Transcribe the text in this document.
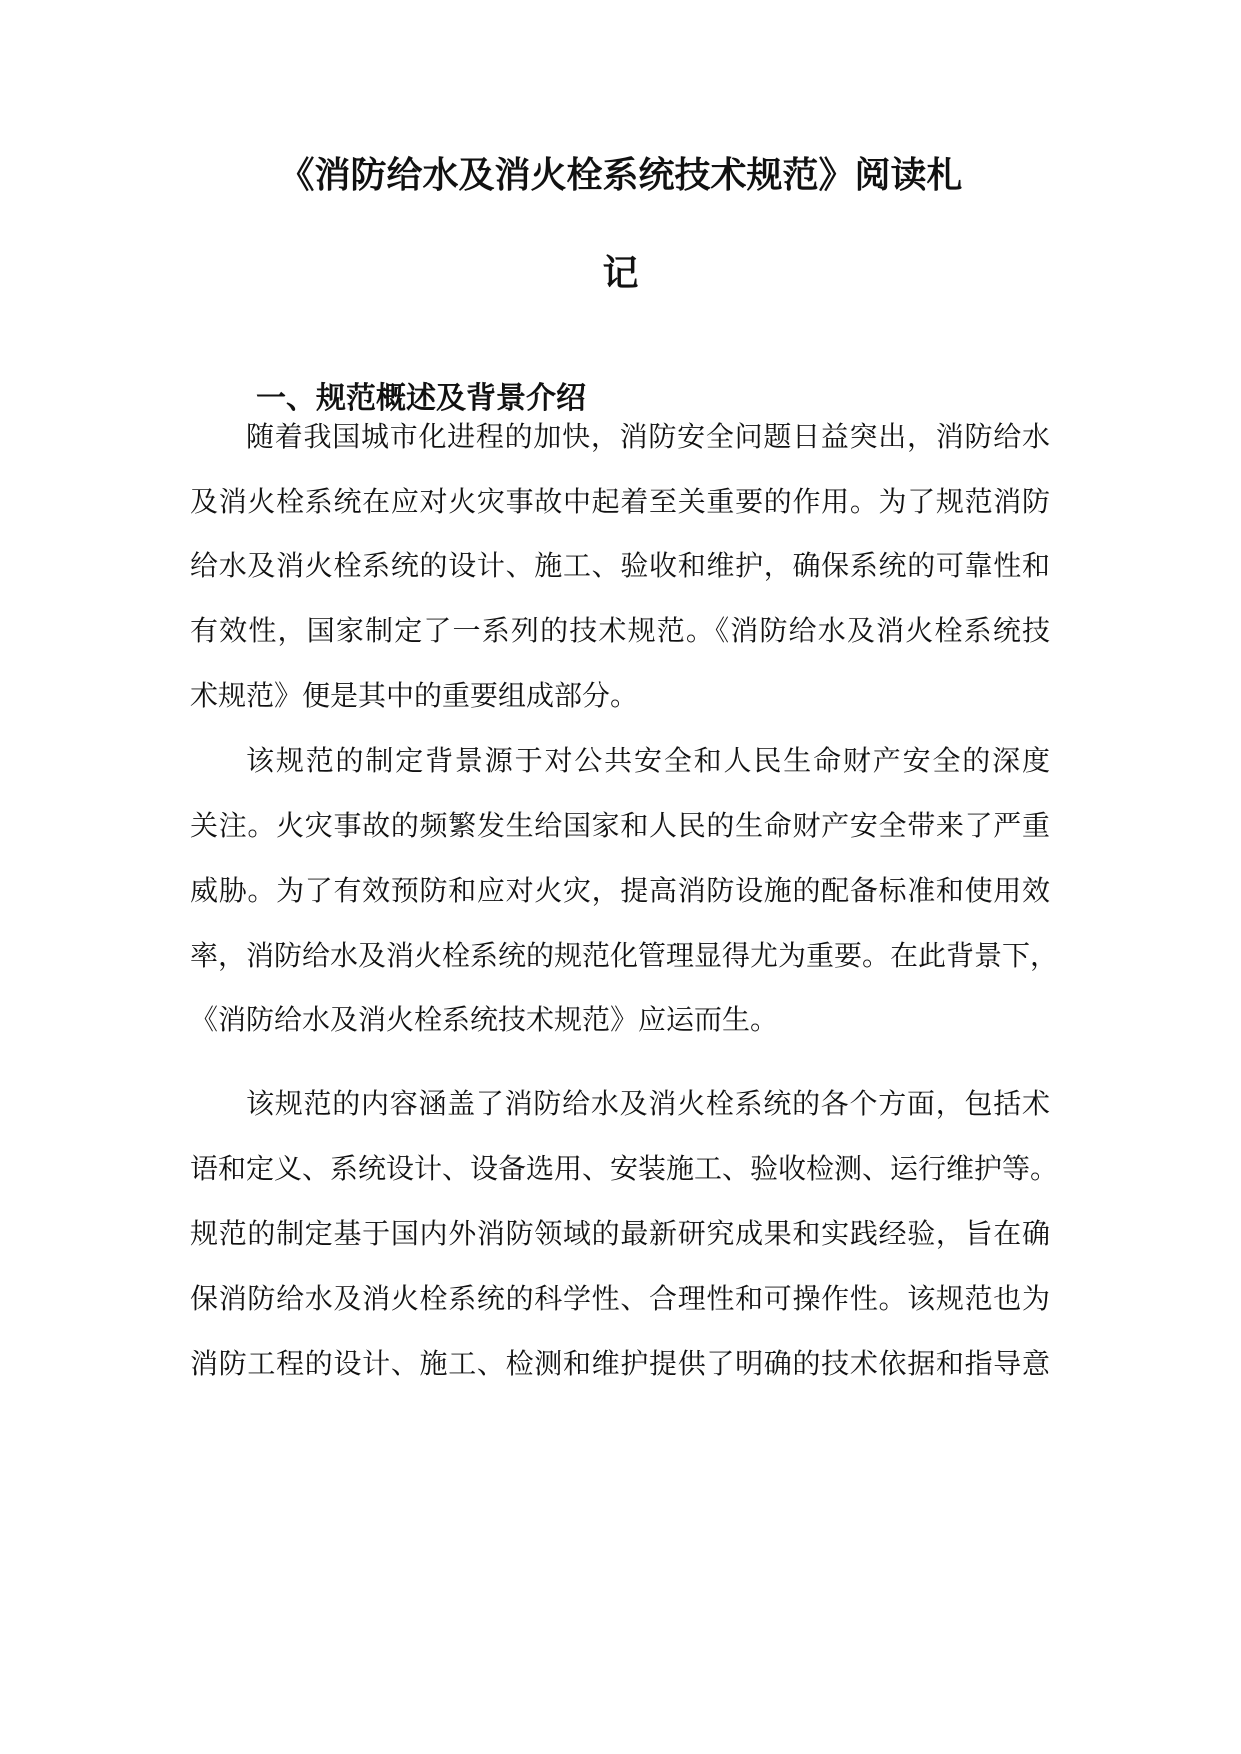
《消防给水及消火栓系统技术规范》阅读札
记
一、规范概述及背景介绍

随着我国城市化进程的加快，消防安全问题日益突出，消防给水

及消火栓系统在应对火灾事故中起着至关重要的作用。为了规范消防

给水及消火栓系统的设计、施工、验收和维护，确保系统的可靠性和

有效性，国家制定了一系列的技术规范。《消防给水及消火栓系统技

术规范》便是其中的重要组成部分。

该规范的制定背景源于对公共安全和人民生命财产安全的深度

关注。火灾事故的频繁发生给国家和人民的生命财产安全带来了严重

威胁。为了有效预防和应对火灾，提高消防设施的配备标准和使用效

率，消防给水及消火栓系统的规范化管理显得尤为重要。在此背景下，

《消防给水及消火栓系统技术规范》应运而生。

该规范的内容涵盖了消防给水及消火栓系统的各个方面，包括术

语和定义、系统设计、设备选用、安装施工、验收检测、运行维护等。

规范的制定基于国内外消防领域的最新研究成果和实践经验，旨在确

保消防给水及消火栓系统的科学性、合理性和可操作性。该规范也为

消防工程的设计、施工、检测和维护提供了明确的技术依据和指导意
